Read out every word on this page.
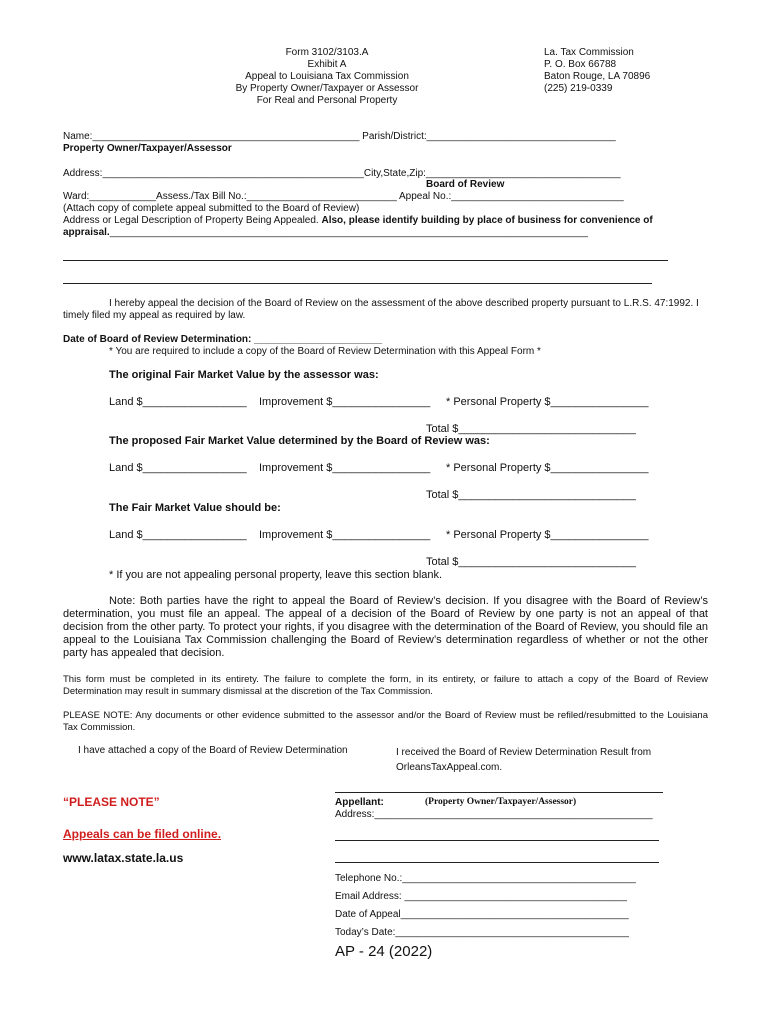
Form 3102/3103.A
Exhibit A
Appeal to Louisiana Tax Commission
By Property Owner/Taxpayer or Assessor
For Real and Personal Property
La. Tax Commission
P. O. Box 66788
Baton Rouge, LA 70896
(225) 219-0339
Name:________________________________________________ Parish/District:__________________________________
Property Owner/Taxpayer/Assessor
Address:_______________________________________________City,State,Zip:___________________________________
Board of Review
Ward:____________Assess./Tax Bill No.:___________________________ Appeal No.:_______________________________
(Attach copy of complete appeal submitted to the Board of Review)
Address or Legal Description of Property Being Appealed. Also, please identify building by place of business for convenience of
appraisal.______________________________________________________________________________________
I hereby appeal the decision of the Board of Review on the assessment of the above described property pursuant to L.R.S. 47:1992. I
timely filed my appeal as required by law.
Date of Board of Review Determination: _______________________
* You are required to include a copy of the Board of Review Determination with this Appeal Form *
The original Fair Market Value by the assessor was:
Land $_________________ Improvement $________________ * Personal Property $________________
Total $_____________________________
The proposed Fair Market Value determined by the Board of Review was:
Land $_________________ Improvement $________________ * Personal Property $________________
Total $_____________________________
The Fair Market Value should be:
Land $_________________ Improvement $________________ * Personal Property $________________
Total $_____________________________
* If you are not appealing personal property, leave this section blank.
Note: Both parties have the right to appeal the Board of Review’s decision. If you disagree with the Board of Review’s determination, you must file an appeal. The appeal of a decision of the Board of Review by one party is not an appeal of that decision from the other party. To protect your rights, if you disagree with the determination of the Board of Review, you should file an appeal to the Louisiana Tax Commission challenging the Board of Review’s determination regardless of whether or not the other party has appealed that decision.
This form must be completed in its entirety. The failure to complete the form, in its entirety, or failure to attach a copy of the Board of Review Determination may result in summary dismissal at the discretion of the Tax Commission.
PLEASE NOTE: Any documents or other evidence submitted to the assessor and/or the Board of Review must be refiled/resubmitted to the Louisiana Tax Commission.
I have attached a copy of the Board of Review Determination	I received the Board of Review Determination Result from
OrleansTaxAppeal.com.
“PLEASE NOTE”
Appeals can be filed online.
www.latax.state.la.us
Appellant:	(Property Owner/Taxpayer/Assessor)
Address:__________________________________________________
Telephone No.:__________________________________________
Email Address: ________________________________________
Date of Appeal_________________________________________
Today’s Date:__________________________________________
AP - 24 (2022)
